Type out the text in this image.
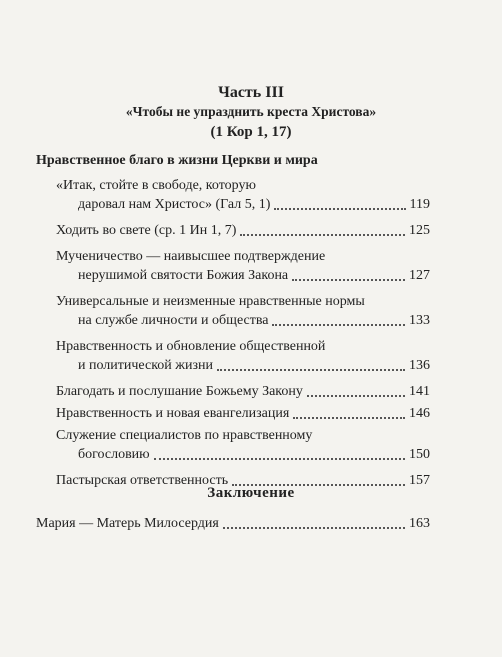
Часть III
«Чтобы не упразднить креста Христова»
(1 Кор 1, 17)
Нравственное благо в жизни Церкви и мира
«Итак, стойте в свободе, которую
даровал нам Христос» (Гал 5, 1)	119
Ходить во свете (ср. 1 Ин 1, 7)	125
Мученичество — наивысшее подтверждение
нерушимой святости Божия Закона	127
Универсальные и неизменные нравственные нормы
на службе личности и общества	133
Нравственность и обновление общественной
и политической жизни	136
Благодать и послушание Божьему Закону	141
Нравственность и новая евангелизация	146
Служение специалистов по нравственному
богословию	150
Пастырская ответственность	157
Заключение
Мария — Матерь Милосердия	163
